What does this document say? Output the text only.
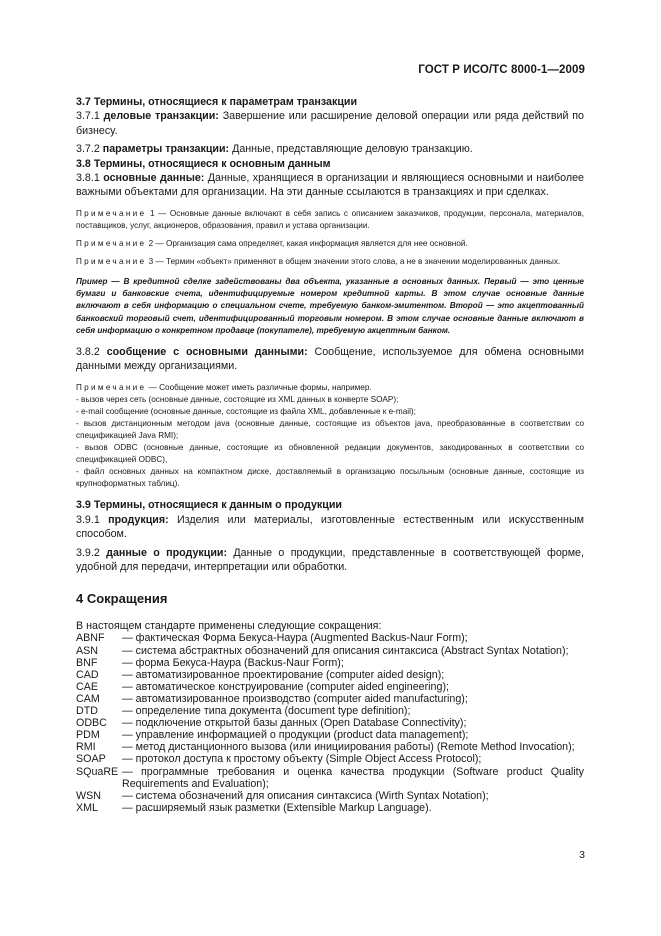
ГОСТ Р ИСО/ТС 8000-1—2009

3.7 Термины, относящиеся к параметрам транзакции

3.7.1 деловые транзакции: Завершение или расширение деловой операции или ряда действий по бизнесу.

3.7.2 параметры транзакции: Данные, представляющие деловую транзакцию.

3.8 Термины, относящиеся к основным данным

3.8.1 основные данные: Данные, хранящиеся в организации и являющиеся основными и наиболее важными объектами для организации. На эти данные ссылаются в транзакциях и при сделках.

Примечание 1 — Основные данные включают в себя запись с описанием заказчиков, продукции, персонала, материалов, поставщиков, услуг, акционеров, образования, правил и устава организации.

Примечание 2 — Организация сама определяет, какая информация является для нее основной.

Примечание 3 — Термин «объект» применяют в общем значении этого слова, а не в значении моделированных данных.

Пример — В кредитной сделке задействованы два объекта, указанные в основных данных. Первый — это ценные бумаги и банковские счета, идентифицируемые номером кредитной карты. В этом случае основные данные включают в себя информацию о специальном счете, требуемую банком-эмитентом. Второй — это акцептованный банковский торговый счет, идентифицированный торговым номером. В этом случае основные данные включают в себя информацию о конкретном продавце (покупателе), требуемую акцептным банком.

3.8.2 сообщение с основными данными: Сообщение, используемое для обмена основными данными между организациями.

Примечание — Сообщение может иметь различные формы, например.

- вызов через сеть (основные данные, состоящие из XML данных в конверте SOAP);

- e-mail сообщение (основные данные, состоящие из файла XML, добавленные к e-mail);

- вызов дистанционным методом java (основные данные, состоящие из объектов java, преобразованные в соответствии со спецификацией Java RMI);

- вызов ODBC (основные данные, состоящие из обновленной редакции документов, закодированных в соответствии со спецификацией ODBC),

- файл основных данных на компактном диске, доставляемый в организацию посыльным (основные данные, состоящие из крупноформатных таблиц).

3.9 Термины, относящиеся к данным о продукции

3.9.1 продукция: Изделия или материалы, изготовленные естественным или искусственным способом.

3.9.2 данные о продукции: Данные о продукции, представленные в соответствующей форме, удобной для передачи, интерпретации или обработки.

4 Сокращения

В настоящем стандарте применены следующие сокращения:

ABNF	— фактическая Форма Бекуса-Наура (Augmented Backus-Naur Form);
ASN	— система абстрактных обозначений для описания синтаксиса (Abstract Syntax Notation);
BNF	— форма Бекуса-Наура (Backus-Naur Form);
CAD	— автоматизированное проектирование (computer aided design);
CAE	— автоматическое конструирование (computer aided engineering);
CAM	— автоматизированное производство (computer aided manufacturing);
DTD	— определение типа документа (document type definition);
ODBC	— подключение открытой базы данных (Open Database Connectivity);
PDM	— управление информацией о продукции (product data management);
RMI	— метод дистанционного вызова (или инициирования работы) (Remote Method Invocation);
SOAP	— протокол доступа к простому объекту (Simple Object Access Protocol);
SQuaRE — программные требования и оценка качества продукции (Software product Quality Requirements and Evaluation);
WSN	— система обозначений для описания синтаксиса (Wirth Syntax Notation);
XML	— расширяемый язык разметки (Extensible Markup Language).
3
